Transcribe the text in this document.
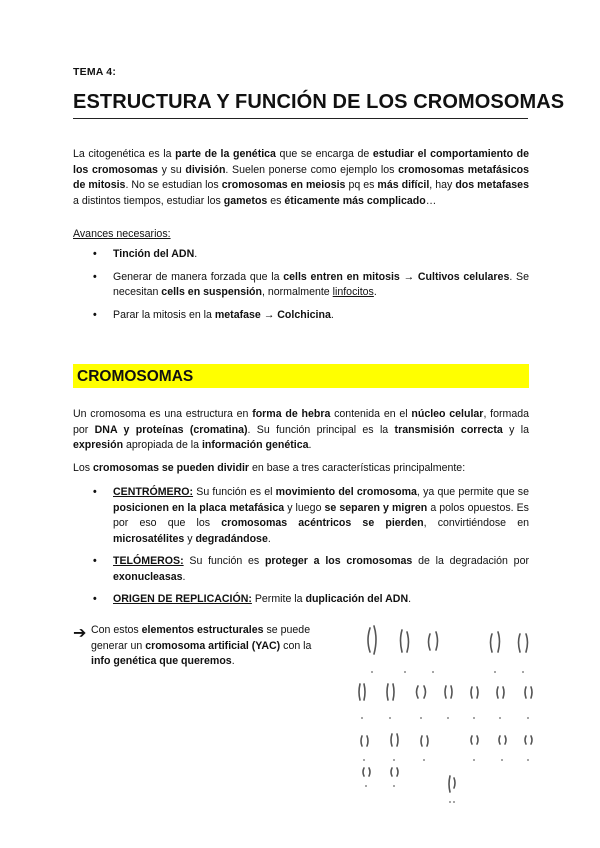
TEMA 4:
ESTRUCTURA Y FUNCIÓN DE LOS CROMOSOMAS

La citogenética es la parte de la genética que se encarga de estudiar el comportamiento de los cromosomas y su división. Suelen ponerse como ejemplo los cromosomas metafásicos de mitosis. No se estudian los cromosomas en meiosis pq es más difícil, hay dos metafases a distintos tiempos, estudiar los gametos es éticamente más complicado…

Avances necesarios:
• Tinción del ADN.
• Generar de manera forzada que la cells entren en mitosis → Cultivos celulares. Se necesitan cells en suspensión, normalmente linfocitos.
• Parar la mitosis en la metafase → Colchicina.
CROMOSOMAS

Un cromosoma es una estructura en forma de hebra contenida en el núcleo celular, formada por DNA y proteínas (cromatina). Su función principal es la transmisión correcta y la expresión apropiada de la información genética.

Los cromosomas se pueden dividir en base a tres características principalmente:

• CENTRÓMERO: Su función es el movimiento del cromosoma, ya que permite que se posicionen en la placa metafásica y luego se separen y migren a polos opuestos. Es por eso que los cromosomas acéntricos se pierden, convirtiéndose en microsatélites y degradándose.
• TELÓMEROS: Su función es proteger a los cromosomas de la degradación por exonucleasas.
• ORIGEN DE REPLICACIÓN: Permite la duplicación del ADN.
➔ Con estos elementos estructurales se puede generar un cromosoma artificial (YAC) con la info genética que queremos.
